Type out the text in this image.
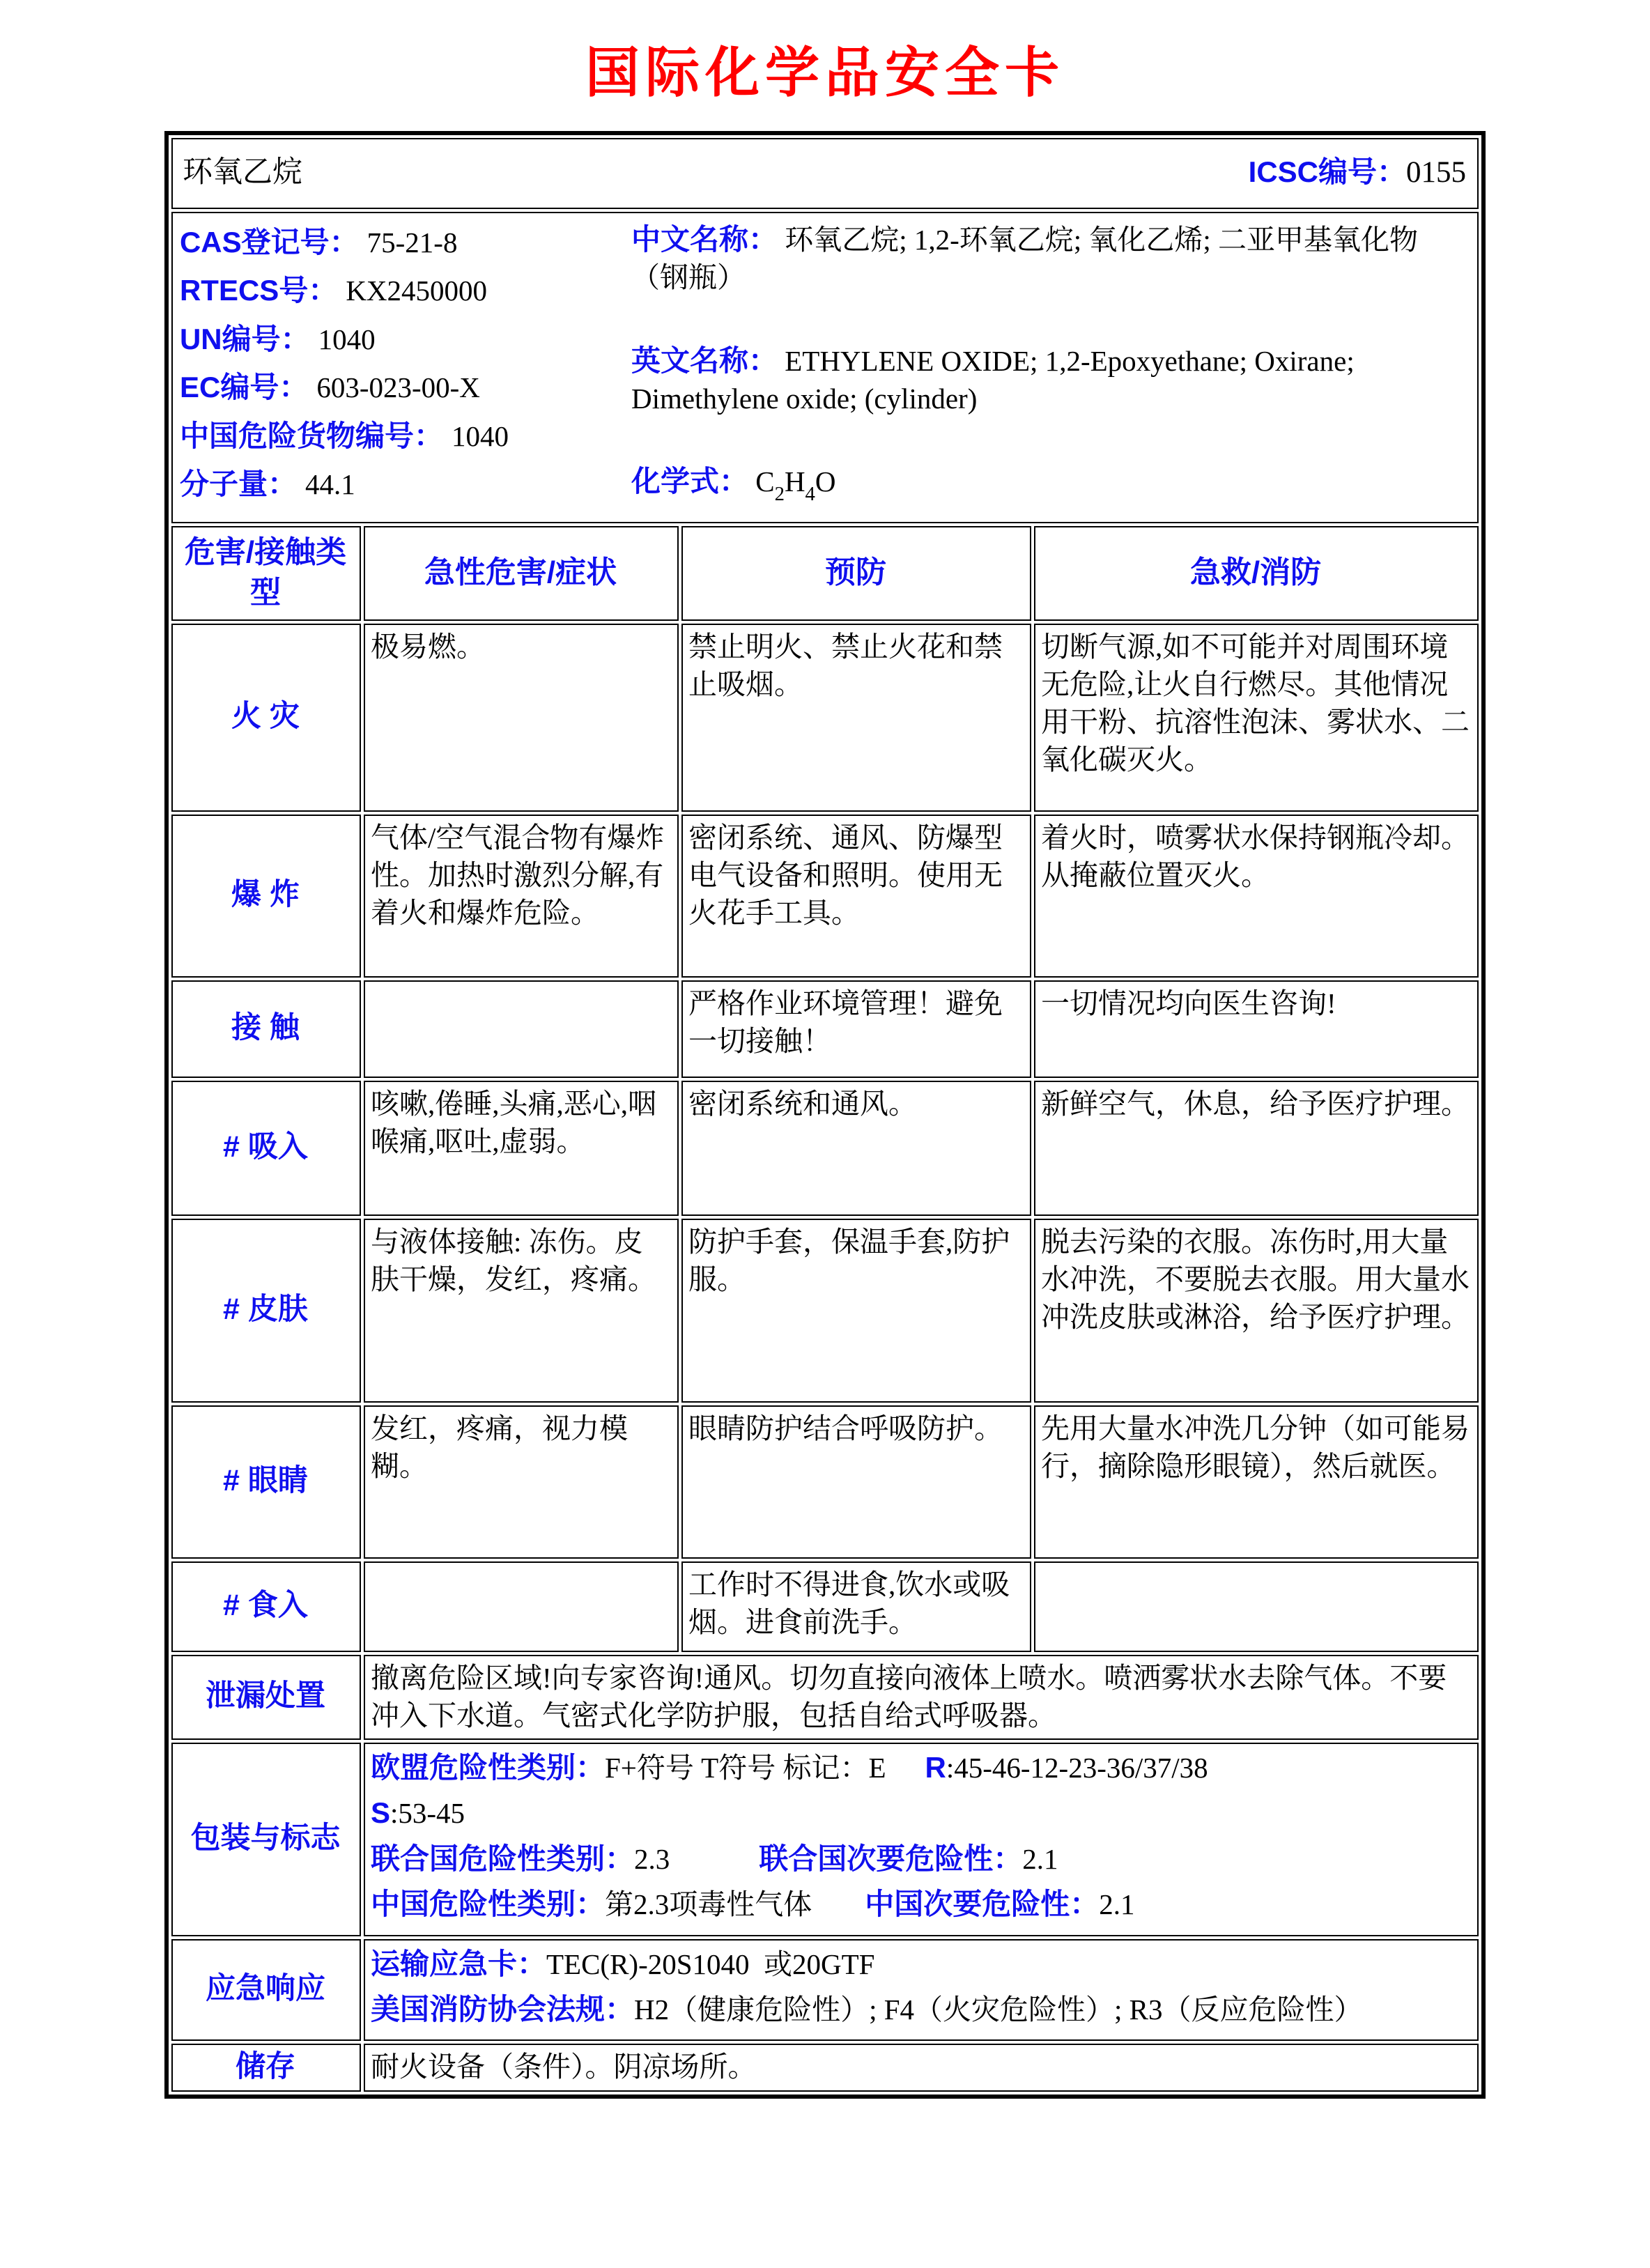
国际化学品安全卡
环氧乙烷 ICSC编号：0155			

CAS登记号： 75-21-8
RTECS号： KX2450000
UN编号： 1040
EC编号： 603-023-00-X
中国危险货物编号： 1040
分子量： 44.1
中文名称： 环氧乙烷; 1,2-环氧乙烷; 氧化乙烯; 二亚甲基氧化物（钢瓶）
英文名称： ETHYLENE OXIDE; 1,2-Epoxyethane; Oxirane; Dimethylene oxide; (cylinder)
化学式： $C_2H_4O$

危害/接触类型	急性危害/症状	预防	急救/消防
火 灾	极易燃。	禁止明火、禁止火花和禁止吸烟。	切断气源,如不可能并对周围环境无危险,让火自行燃尽。其他情况用干粉、抗溶性泡沫、雾状水、二氧化碳灭火。
爆 炸	气体/空气混合物有爆炸性。加热时激烈分解,有着火和爆炸危险。	密闭系统、通风、防爆型电气设备和照明。使用无火花手工具。	着火时，喷雾状水保持钢瓶冷却。从掩蔽位置灭火。
接 触		严格作业环境管理！避免一切接触！	一切情况均向医生咨询!
# 吸入	咳嗽,倦睡,头痛,恶心,咽喉痛,呕吐,虚弱。	密闭系统和通风。	新鲜空气，休息，给予医疗护理。
# 皮肤	与液体接触: 冻伤。皮肤干燥，发红，疼痛。	防护手套，保温手套,防护服。	脱去污染的衣服。冻伤时,用大量水冲洗，不要脱去衣服。用大量水冲洗皮肤或淋浴，给予医疗护理。
# 眼睛	发红，疼痛，视力模糊。	眼睛防护结合呼吸防护。	先用大量水冲洗几分钟（如可能易行，摘除隐形眼镜），然后就医。
# 食入		工作时不得进食,饮水或吸烟。进食前洗手。	
泄漏处置	撤离危险区域!向专家咨询!通风。切勿直接向液体上喷水。喷洒雾状水去除气体。不要冲入下水道。气密式化学防护服，包括自给式呼吸器。		
包装与标志	欧盟危险性类别：F+符号 T符号 标记：E R:45-46-12-23-36/37/38
S:53-45
联合国危险性类别：2.3 联合国次要危险性：2.1
中国危险性类别：第2.3项毒性气体 中国次要危险性：2.1		

应急响应	运输应急卡：TEC(R)-20S1040  或20GTF
美国消防协会法规：H2（健康危险性）; F4（火灾危险性）; R3（反应危险性）		

储存	耐火设备（条件）。阴凉场所。		
